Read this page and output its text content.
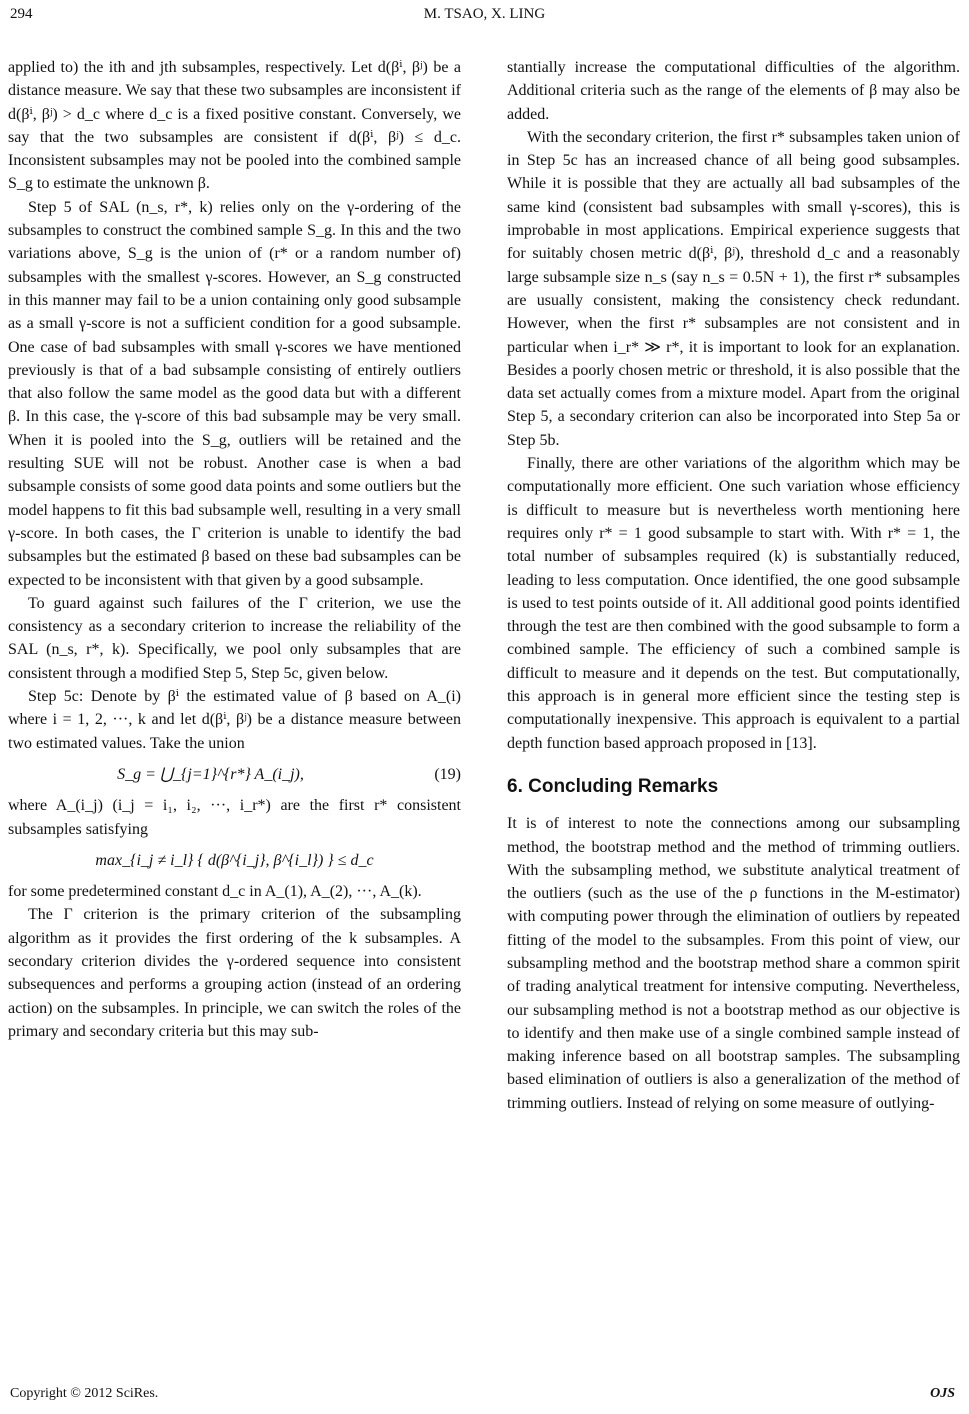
294	M. TSAO, X. LING

applied to) the ith and jth subsamples, respectively. Let d(βⁱ, βʲ) be a distance measure. We say that these two subsamples are inconsistent if d(βⁱ, βʲ) > d_c where d_c is a fixed positive constant. Conversely, we say that the two subsamples are consistent if d(βⁱ, βʲ) ≤ d_c. Inconsistent subsamples may not be pooled into the combined sample S_g to estimate the unknown β.

Step 5 of SAL (n_s, r*, k) relies only on the γ-ordering of the subsamples to construct the combined sample S_g. In this and the two variations above, S_g is the union of (r* or a random number of) subsamples with the smallest γ-scores. However, an S_g constructed in this manner may fail to be a union containing only good subsample as a small γ-score is not a sufficient condition for a good subsample. One case of bad subsamples with small γ-scores we have mentioned previously is that of a bad subsample consisting of entirely outliers that also follow the same model as the good data but with a different β. In this case, the γ-score of this bad subsample may be very small. When it is pooled into the S_g, outliers will be retained and the resulting SUE will not be robust. Another case is when a bad subsample consists of some good data points and some outliers but the model happens to fit this bad subsample well, resulting in a very small γ-score. In both cases, the Γ criterion is unable to identify the bad subsamples but the estimated β based on these bad subsamples can be expected to be inconsistent with that given by a good subsample.

To guard against such failures of the Γ criterion, we use the consistency as a secondary criterion to increase the reliability of the SAL (n_s, r*, k). Specifically, we pool only subsamples that are consistent through a modified Step 5, Step 5c, given below.

Step 5c: Denote by βⁱ the estimated value of β based on A_(i) where i = 1, 2, ···, k and let d(βⁱ, βʲ) be a distance measure between two estimated values. Take the union

S_g = ⋃_{j=1}^{r*} A_(i_j),	(19)

where A_(i_j) (i_j = i₁, i₂, ···, i_r*) are the first r* consistent subsamples satisfying

max_{i_j ≠ i_l} { d(β^{i_j}, β^{i_l}) } ≤ d_c

for some predetermined constant d_c in A_(1), A_(2), ···, A_(k).

The Γ criterion is the primary criterion of the subsampling algorithm as it provides the first ordering of the k subsamples. A secondary criterion divides the γ-ordered sequence into consistent subsequences and performs a grouping action (instead of an ordering action) on the subsamples. In principle, we can switch the roles of the primary and secondary criteria but this may sub-

stantially increase the computational difficulties of the algorithm. Additional criteria such as the range of the elements of β may also be added.

With the secondary criterion, the first r* subsamples taken union of in Step 5c has an increased chance of all being good subsamples. While it is possible that they are actually all bad subsamples of the same kind (consistent bad subsamples with small γ-scores), this is improbable in most applications. Empirical experience suggests that for suitably chosen metric d(βⁱ, βʲ), threshold d_c and a reasonably large subsample size n_s (say n_s = 0.5N + 1), the first r* subsamples are usually consistent, making the consistency check redundant. However, when the first r* subsamples are not consistent and in particular when i_r* ≫ r*, it is important to look for an explanation. Besides a poorly chosen metric or threshold, it is also possible that the data set actually comes from a mixture model. Apart from the original Step 5, a secondary criterion can also be incorporated into Step 5a or Step 5b.

Finally, there are other variations of the algorithm which may be computationally more efficient. One such variation whose efficiency is difficult to measure but is nevertheless worth mentioning here requires only r* = 1 good subsample to start with. With r* = 1, the total number of subsamples required (k) is substantially reduced, leading to less computation. Once identified, the one good subsample is used to test points outside of it. All additional good points identified through the test are then combined with the good subsample to form a combined sample. The efficiency of such a combined sample is difficult to measure and it depends on the test. But computationally, this approach is in general more efficient since the testing step is computationally inexpensive. This approach is equivalent to a partial depth function based approach proposed in [13].

6. Concluding Remarks

It is of interest to note the connections among our subsampling method, the bootstrap method and the method of trimming outliers. With the subsampling method, we substitute analytical treatment of the outliers (such as the use of the ρ functions in the M-estimator) with computing power through the elimination of outliers by repeated fitting of the model to the subsamples. From this point of view, our subsampling method and the bootstrap method share a common spirit of trading analytical treatment for intensive computing. Nevertheless, our subsampling method is not a bootstrap method as our objective is to identify and then make use of a single combined sample instead of making inference based on all bootstrap samples. The subsampling based elimination of outliers is also a generalization of the method of trimming outliers. Instead of relying on some measure of outlying-

Copyright © 2012 SciRes.	OJS
